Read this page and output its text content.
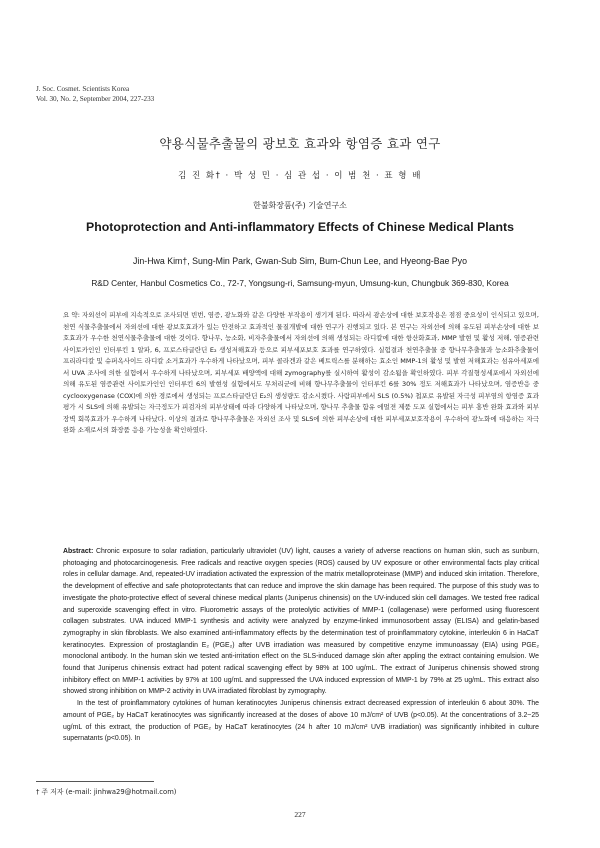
J. Soc. Cosmet. Scientists Korea
Vol. 30, No. 2, September 2004, 227-233
약용식물추출물의 광보호 효과와 항염증 효과 연구
김 진 화† · 박 성 민 · 심 관 섭 · 이 범 천 · 표 형 배
한불화장품(주) 기술연구소
Photoprotection and Anti-inflammatory Effects of Chinese Medical Plants
Jin-Hwa Kim†, Sung-Min Park, Gwan-Sub Sim, Bum-Chun Lee, and Hyeong-Bae Pyo
R&D Center, Hanbul Cosmetics Co., 72-7, Yongsung-ri, Samsung-myun, Umsung-kun, Chungbuk 369-830, Korea
요 약: 자외선이 피부에 지속적으로 조사되면 빈번, 염증, 광노화와 같은 다양한 부작용이 생기게 된다. 따라서 광손상에 대한 보호작용은 점점 중요성이 인식되고 있으며, 천연 식물추출물에서 자외선에 대한 광보호효과가 있는 안전하고 효과적인 물질개발에 대한 연구가 진행되고 있다. 본 연구는 자외선에 의해 유도된 피부손상에 대한 보호효과가 우수한 천연식물추출물에 대한 것이다. 향나무, 능소화, 비자추출물에서 자외선에 의해 생성되는 라디칼에 대한 항산화효과, MMP 발현 및 활성 저해, 염증관련 사이토카인인 인터루킨 1 알파, 6, 프로스타글란딘 E₂ 생성저해효과 등으로 피부세포보호 효과를 연구하였다. 실험결과 천연추출물 중 향나무추출물과 능소화추출물이 프리라디칼 및 슈퍼옥사이드 라디칼 소거효과가 우수하게 나타났으며, 피부 콜라겐과 같은 베트릭스를 분해하는 효소인 MMP-1의 활성 및 발현 저해효과는 섬유아세포에서 UVA 조사에 의한 실험에서 우수하게 나타났으며, 피부세포 배양액에 대해 zymography를 실시하여 활성이 감소됨을 확인하였다. 피부 각질형성세포에서 자외선에 의해 유도된 염증관련 사이토카인인 인터루킨 6의 발현성 실험에서도 무처리군에 비해 향나무추출물이 인터루킨 6를 30% 정도 저해효과가 나타났으며, 염증반응 중 cyclooxygenase (COX)에 의한 경로에서 생성되는 프로스타글란딘 E₂의 생성량도 감소시켰다. 사람피부에서 SLS (0.5%) 첩포로 유발된 자극성 피부염의 항염증 효과 평가 시 SLS에 의해 유발되는 자극정도가 피검자의 피부상태에 따라 다양하게 나타났으며, 향나무 추출물 함유 에멀젼 제품 도포 실험에서는 피부 홍반 완화 효과와 피부장벽 회복효과가 우수하게 나타났다. 이상의 결과로 향나무추출물은 자외선 조사 및 SLS에 의한 피부손상에 대한 피부세포보호작용이 우수하여 광노화에 대응하는 자극완화 소재로서의 화장품 응용 가능성을 확인하였다.

Abstract: Chronic exposure to solar radiation, particularly ultraviolet (UV) light, causes a variety of adverse reactions on human skin, such as sunburn, photoaging and photocarcinogenesis. Free radicals and reactive oxygen species (ROS) caused by UV exposure or other environmental facts play critical roles in cellular damage. And, repeated-UV irradiation activated the expression of the matrix metalloproteinase (MMP) and induced skin irritation. Therefore, the development of effective and safe photoprotectants that can reduce and improve the skin damage has been required. The purpose of this study was to investigate the photo-protective effect of several chinese medical plants (Juniperus chinensis) on the UV-induced skin cell damages. We tested free radical and superoxide scavenging effect in vitro. Fluorometric assays of the proteolytic activities of MMP-1 (collagenase) were performed using fluorescent collagen substrates. UVA induced MMP-1 synthesis and activity were analyzed by enzyme-linked immunosorbent assay (ELISA) and gelatin-based zymography in skin fibroblasts. We also examined anti-inflammatory effects by the determination test of proinflammatory cytokine, interleukin 6 in HaCaT keratinocytes. Expression of prostaglandin E₂ (PGE₂) after UVB irradiation was measured by competitive enzyme immunoassay (EIA) using PGE₂ monoclonal antibody. In the human skin we tested anti-irritation effect on the SLS-induced damage skin after appling the extract containing emulsion. We found that Juniperus chinensis extract had potent radical scavenging effect by 98% at 100 ug/mL. The extract of Juniperus chinensis showed strong inhibitory effect on MMP-1 activities by 97% at 100 ug/mL and suppressed the UVA induced expression of MMP-1 by 79% at 25 ug/mL. This extract also showed strong inhibition on MMP-2 activity in UVA irradiated fibroblast by zymography.

In the test of proinflammatory cytokines of human keratinocytes Juniperus chinensis extract decreased expression of interleukin 6 about 30%. The amount of PGE₂ by HaCaT keratinocytes was significantly increased at the doses of above 10 mJ/cm² of UVB (p<0.05). At the concentrations of 3.2~25 ug/mL of this extract, the production of PGE₂ by HaCaT keratinocytes (24 h after 10 mJ/cm² UVB irradiation) was significantly inhibited in culture supernatants (p<0.05). In

† 주 저자 (e-mail: jinhwa29@hotmail.com)
227
